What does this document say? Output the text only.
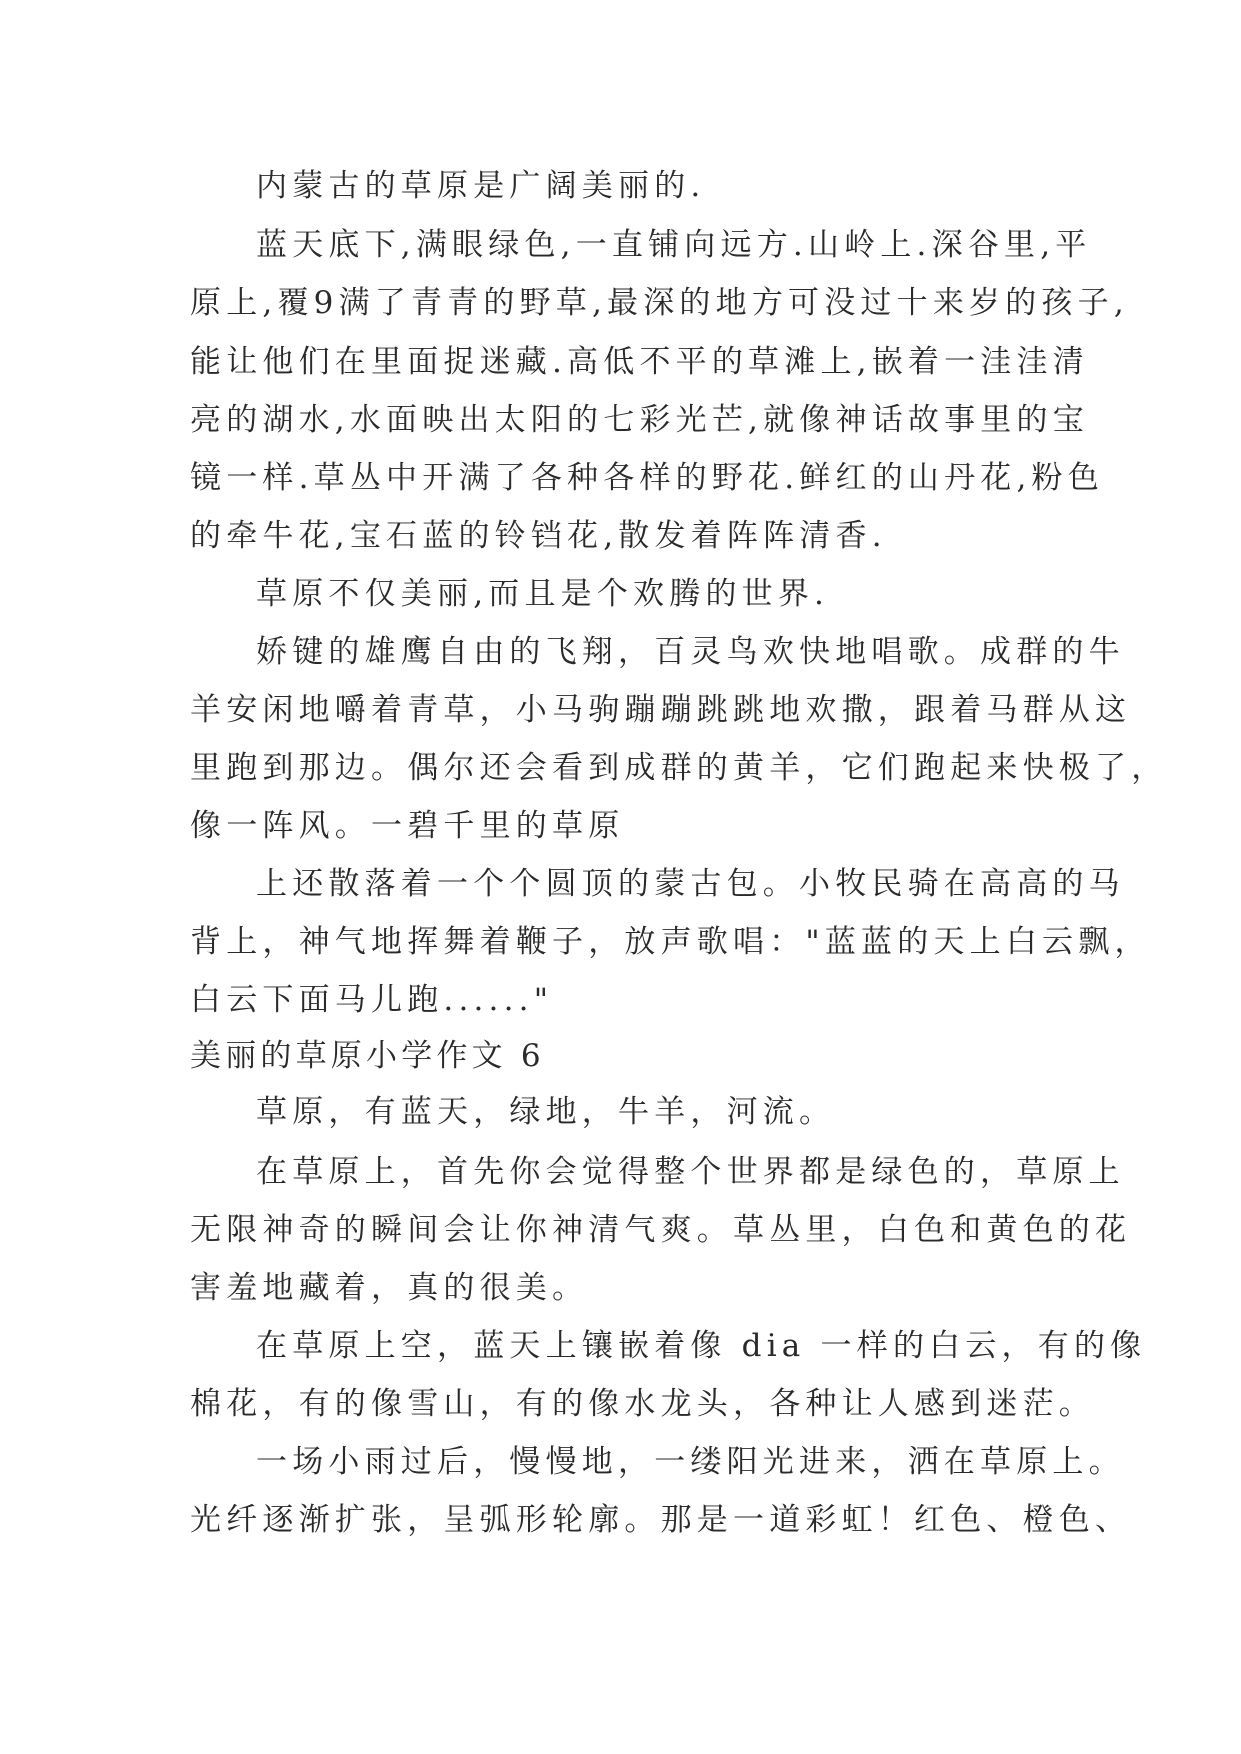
内蒙古的草原是广阔美丽的.

蓝天底下,满眼绿色,一直铺向远方.山岭上.深谷里,平

原上,覆9满了青青的野草,最深的地方可没过十来岁的孩子,

能让他们在里面捉迷藏.高低不平的草滩上,嵌着一洼洼清

亮的湖水,水面映出太阳的七彩光芒,就像神话故事里的宝

镜一样.草丛中开满了各种各样的野花.鲜红的山丹花,粉色

的牵牛花,宝石蓝的铃铛花,散发着阵阵清香.

草原不仅美丽,而且是个欢腾的世界.

娇键的雄鹰自由的飞翔，百灵鸟欢快地唱歌。成群的牛

羊安闲地嚼着青草，小马驹蹦蹦跳跳地欢撒，跟着马群从这

里跑到那边。偶尔还会看到成群的黄羊，它们跑起来快极了，

像一阵风。一碧千里的草原

上还散落着一个个圆顶的蒙古包。小牧民骑在高高的马

背上，神气地挥舞着鞭子，放声歌唱："蓝蓝的天上白云飘，

白云下面马儿跑......"

美丽的草原小学作文 6

草原，有蓝天，绿地，牛羊，河流。

在草原上，首先你会觉得整个世界都是绿色的，草原上

无限神奇的瞬间会让你神清气爽。草丛里，白色和黄色的花

害羞地藏着，真的很美。

在草原上空，蓝天上镶嵌着像 dia 一样的白云，有的像

棉花，有的像雪山，有的像水龙头，各种让人感到迷茫。

一场小雨过后，慢慢地，一缕阳光进来，洒在草原上。

光纤逐渐扩张，呈弧形轮廓。那是一道彩虹！红色、橙色、
